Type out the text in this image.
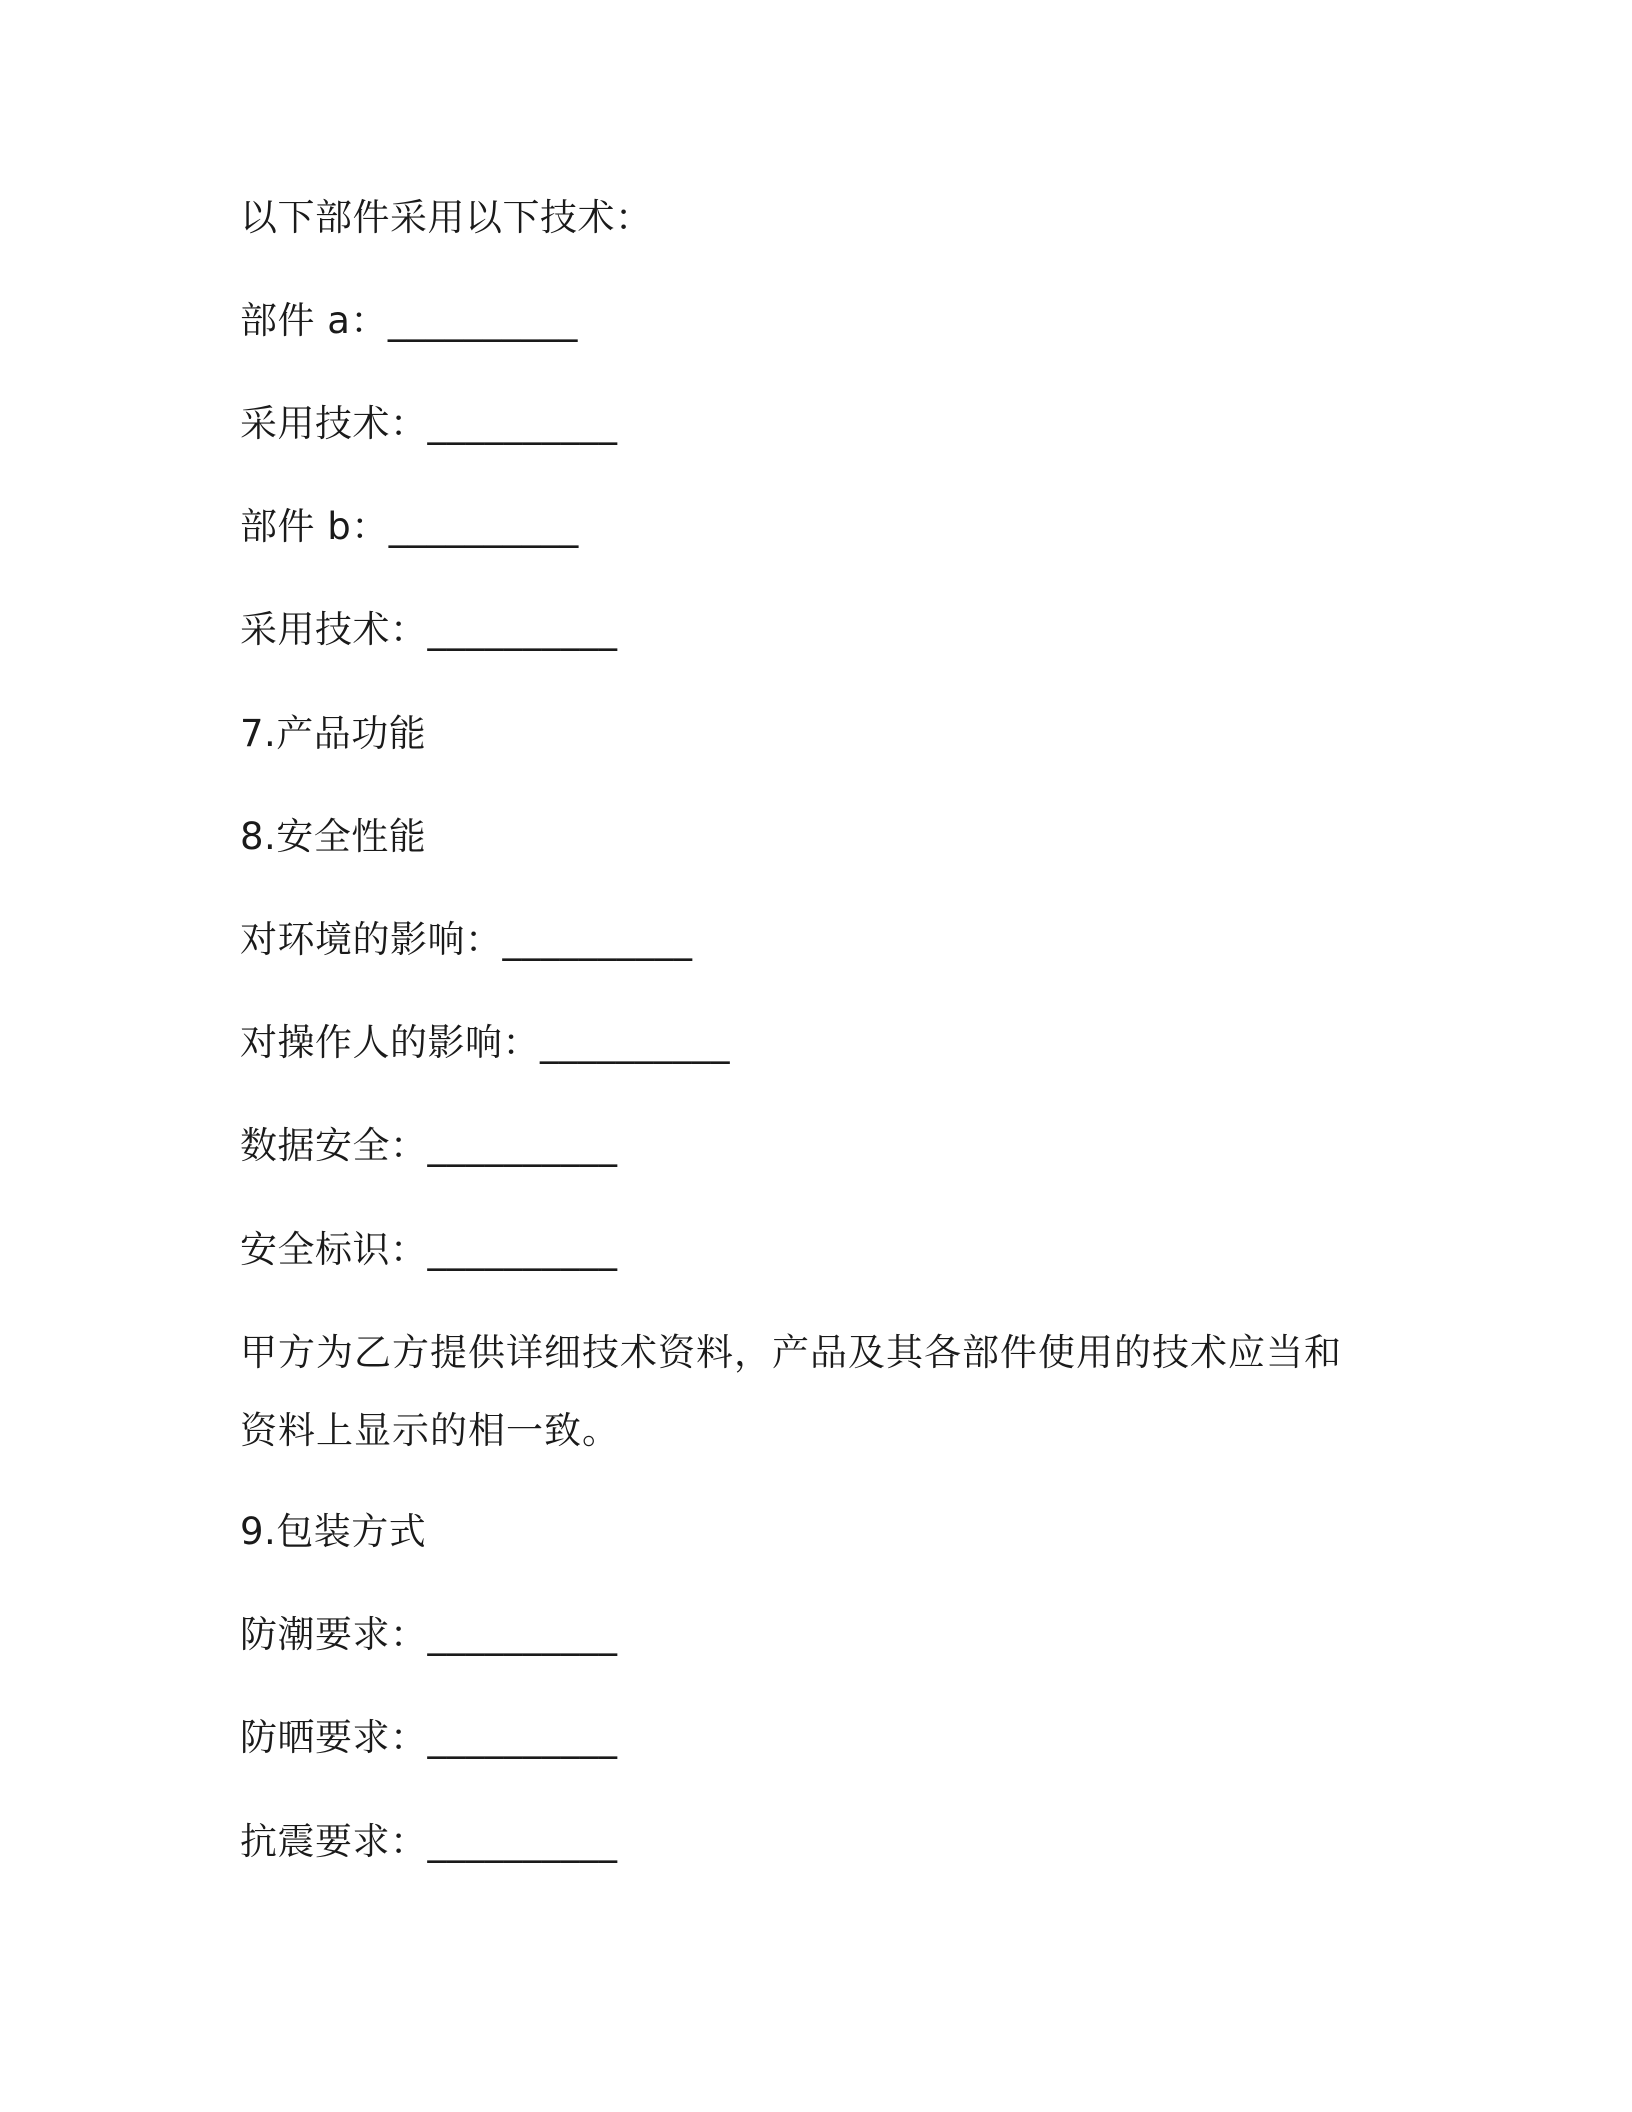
以下部件采用以下技术：
部件 a：__________
采用技术：__________
部件 b：__________
采用技术：__________
7.产品功能
8.安全性能
对环境的影响：__________
对操作人的影响：__________
数据安全：__________
安全标识：__________
甲方为乙方提供详细技术资料，产品及其各部件使用的技术应当和资料上显示的相一致。
9.包装方式
防潮要求：__________
防晒要求：__________
抗震要求：__________
